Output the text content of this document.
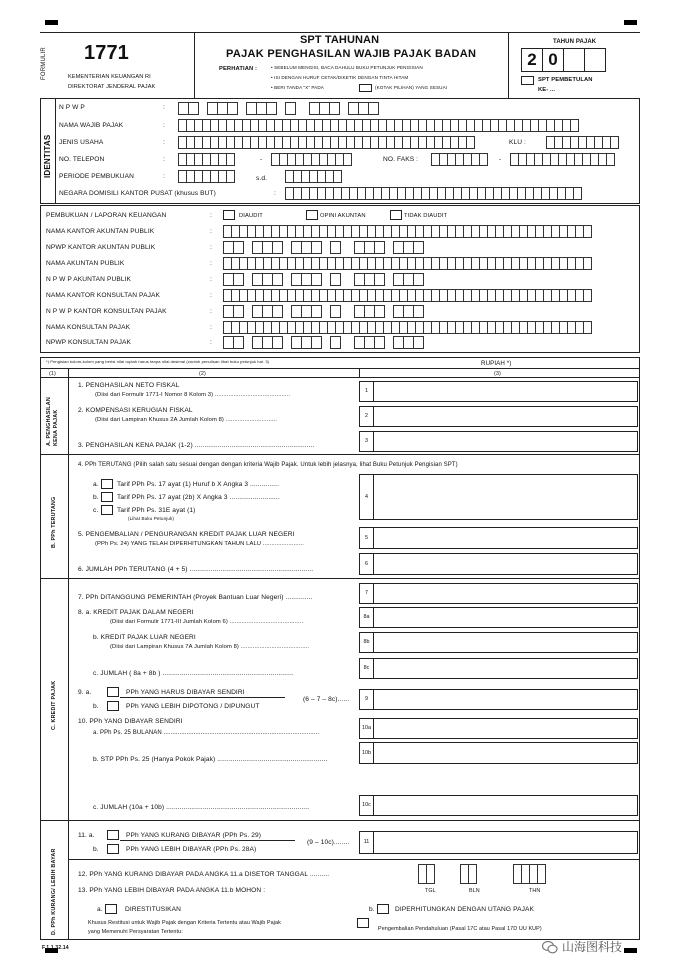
FORMULIR 1771
KEMENTERIAN KEUANGAN RI
DIREKTORAT JENDERAL PAJAK
SPT TAHUNAN
PAJAK PENGHASILAN WAJIB PAJAK BADAN
PERHATIAN :	• SEBELUM MENGISI, BACA DAHULU BUKU PETUNJUK PENGISIAN
• ISI DENGAN HURUF CETAK/DIKETIK DENGAN TINTA HITAM
• BERI TANDA "X" PADA	(KOTAK PILIHAN) YANG SESUAI
TAHUN PAJAK
2 0
SPT PEMBETULAN
KE- ...
IDENTITAS
N P W P	:
NAMA WAJIB PAJAK	:
JENIS USAHA	:	KLU :
NO. TELEPON	:	-	NO. FAKS :	-
PERIODE PEMBUKUAN	:	s.d.
NEGARA DOMISILI KANTOR PUSAT (khusus BUT)	:
PEMBUKUAN / LAPORAN KEUANGAN	:	DIAUDIT	OPINI AKUNTAN	TIDAK DIAUDIT
NAMA KANTOR AKUNTAN PUBLIK	:
NPWP KANTOR AKUNTAN PUBLIK	:
NAMA AKUNTAN PUBLIK	:
N P W P AKUNTAN PUBLIK	:
NAMA KANTOR KONSULTAN PAJAK	:
N P W P KANTOR KONSULTAN PAJAK	:
NAMA KONSULTAN PAJAK	:
NPWP KONSULTAN PAJAK	:
*) Pengisian kolom-kolom yang berisi nilai rupiah harus tanpa nilai desimal (contoh penulisan lihat buku petunjuk hal. 3)	RUPIAH *)
(1)	(2)	(3)
A. PENGHASILAN KENA PAJAK
1. PENGHASILAN NETO FISKAL
(Diisi dari Formulir 1771-I Nomor 8 Kolom 3) ............................................
1
2. KOMPENSASI KERUGIAN FISKAL
(Diisi dari Lampiran Khusus 2A Jumlah Kolom 8) ..............................
2
3. PENGHASILAN KENA PAJAK (1-2) ..............................................................
3
B. PPh TERUTANG
4. PPh TERUTANG (Pilih salah satu sesuai dengan dengan kriteria Wajib Pajak. Untuk lebih jelasnya, lihat Buku Petunjuk Pengisian SPT)
a.	Tarif PPh Ps. 17 ayat (1) Huruf b X Angka 3 ...............
b.	Tarif PPh Ps. 17 ayat (2b) X Angka 3 ..........................
c.	Tarif PPh Ps. 31E ayat (1)
(Lihat Buku Petunjuk)
4
5. PENGEMBALIAN / PENGURANGAN KREDIT PAJAK LUAR NEGERI
(PPh Ps. 24) YANG TELAH DIPERHITUNGKAN TAHUN LALU ........................
5
6. JUMLAH PPh TERUTANG (4 + 5) ................................................................
6
C. KREDIT PAJAK
7. PPh DITANGGUNG PEMERINTAH (Proyek Bantuan Luar Negeri) ..............
7
8. a. KREDIT PAJAK DALAM NEGERI
(Diisi dari Formulir 1771-III Jumlah Kolom 6) ...........................................
8a
b. KREDIT PAJAK LUAR NEGERI
(Diisi dari Lampiran Khusus 7A Jumlah Kolom 8) ........................................
8b
c. JUMLAH ( 8a + 8b ) ....................................................................
8c
9. a.	PPh YANG HARUS DIBAYAR SENDIRI
b.	PPh YANG LEBIH DIPOTONG / DIPUNGUT
(6 – 7 – 8c)......	9
10. PPh YANG DIBAYAR SENDIRI
a. PPh Ps. 25 BULANAN ........................................................................................
10a
b. STP PPh Ps. 25 (Hanya Pokok Pajak) .........................................................
10b
c. JUMLAH (10a + 10b) ..........................................................................	10c
D. PPh KURANG/ LEBIH BAYAR
11. a.	PPh YANG KURANG DIBAYAR (PPh Ps. 29)
b.	PPh YANG LEBIH DIBAYAR (PPh Ps. 28A)
(9 – 10c)........	11
12. PPh YANG KURANG DIBAYAR PADA ANGKA 11.a DISETOR TANGGAL ..........
13. PPh YANG LEBIH DIBAYAR PADA ANGKA 11.b MOHON :	TGL	BLN	THN
a.	DIRESTITUSIKAN	b.	DIPERHITUNGKAN DENGAN UTANG PAJAK
Khusus Restitusi untuk Wajib Pajak dengan Kriteria Tertentu atau Wajib Pajak
yang Memenuhi Persyaratan Tertentu:	Pengembalian Pendahuluan (Pasal 17C atau Pasal 17D UU KUP)
F.1.1.32.14	山海图科技
